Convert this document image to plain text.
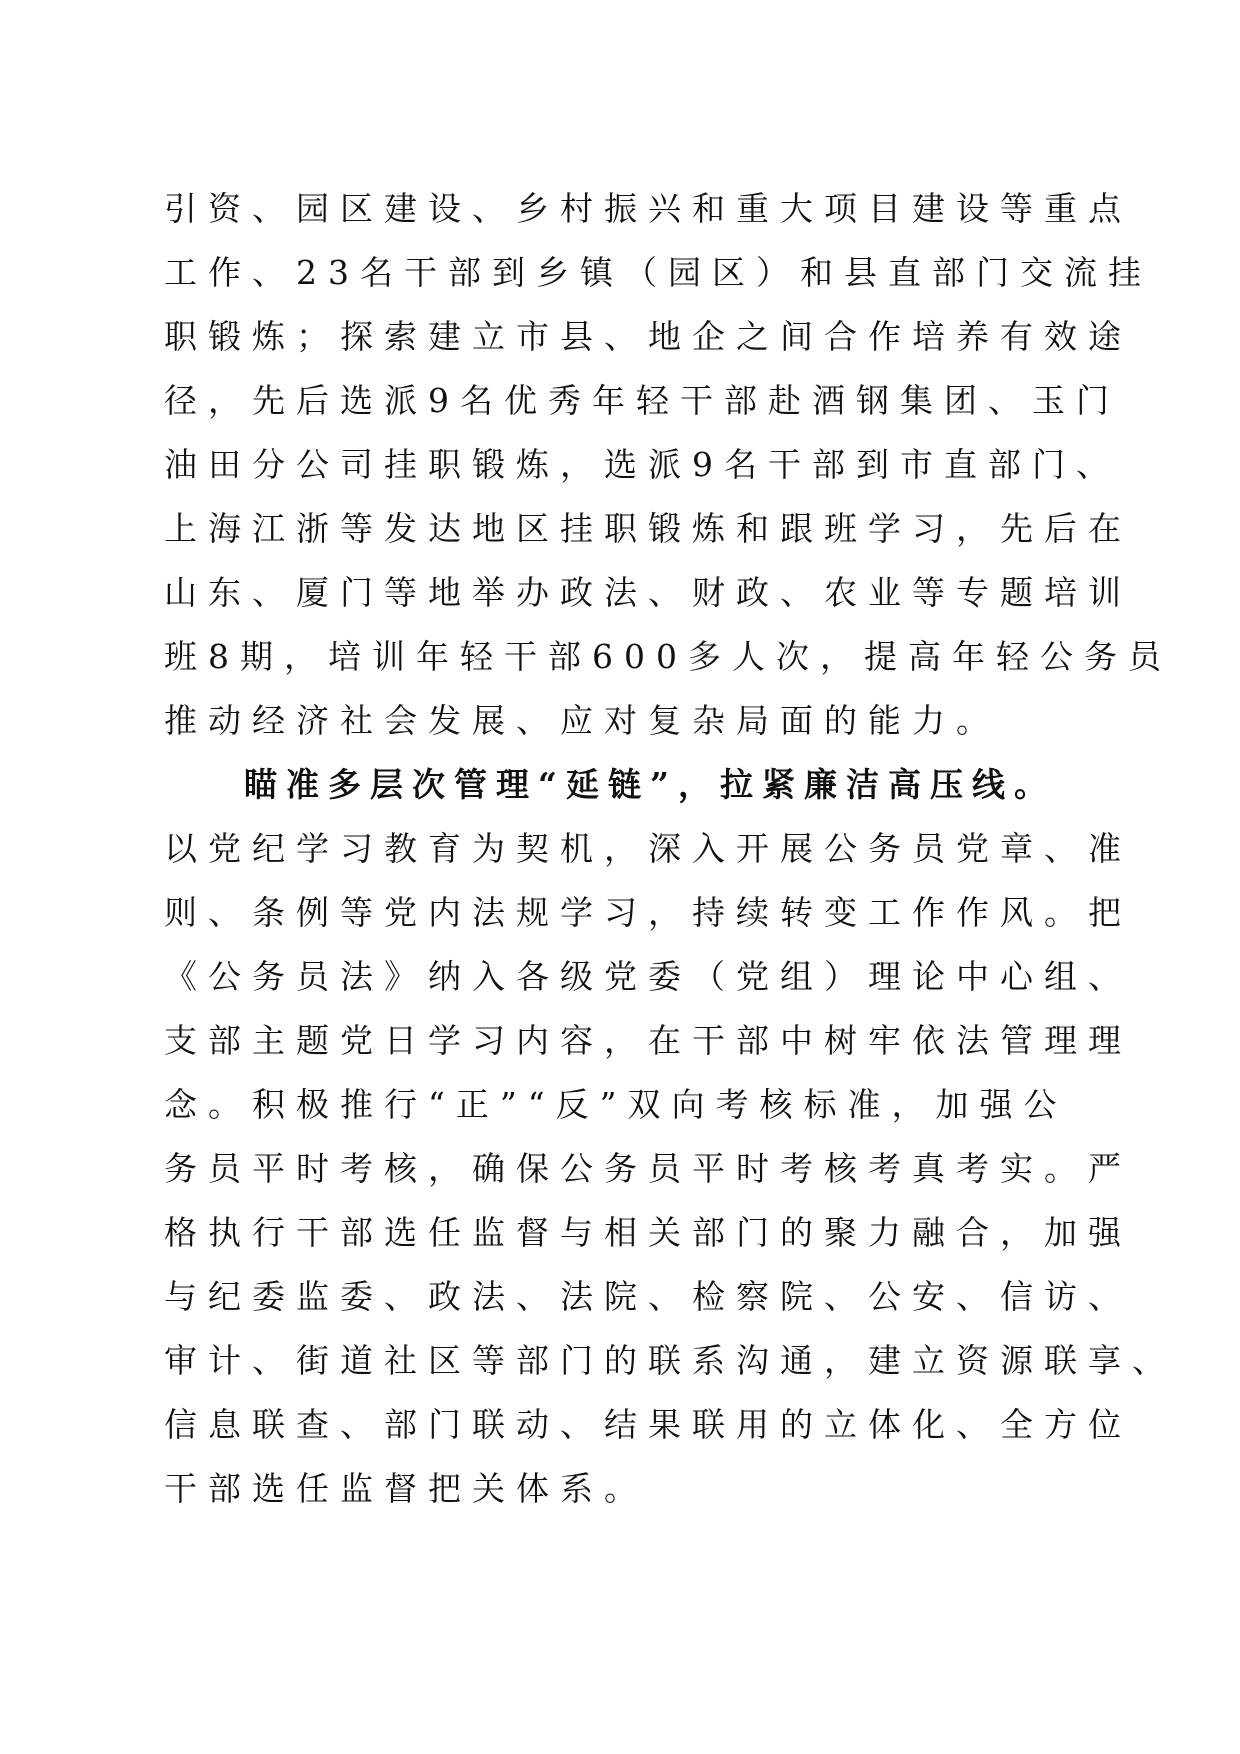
引资、园区建设、乡村振兴和重大项目建设等重点
工作、23名干部到乡镇（园区）和县直部门交流挂
职锻炼；探索建立市县、地企之间合作培养有效途
径，先后选派9名优秀年轻干部赴酒钢集团、玉门
油田分公司挂职锻炼，选派9名干部到市直部门、
上海江浙等发达地区挂职锻炼和跟班学习，先后在
山东、厦门等地举办政法、财政、农业等专题培训
班8期，培训年轻干部600多人次，提高年轻公务员
推动经济社会发展、应对复杂局面的能力。
瞄准多层次管理“延链”，拉紧廉洁高压线。
以党纪学习教育为契机，深入开展公务员党章、准
则、条例等党内法规学习，持续转变工作作风。把
《公务员法》纳入各级党委（党组）理论中心组、
支部主题党日学习内容，在干部中树牢依法管理理
念。积极推行“正”“反”双向考核标准，加强公
务员平时考核，确保公务员平时考核考真考实。严
格执行干部选任监督与相关部门的聚力融合，加强
与纪委监委、政法、法院、检察院、公安、信访、
审计、街道社区等部门的联系沟通，建立资源联享、
信息联查、部门联动、结果联用的立体化、全方位
干部选任监督把关体系。
